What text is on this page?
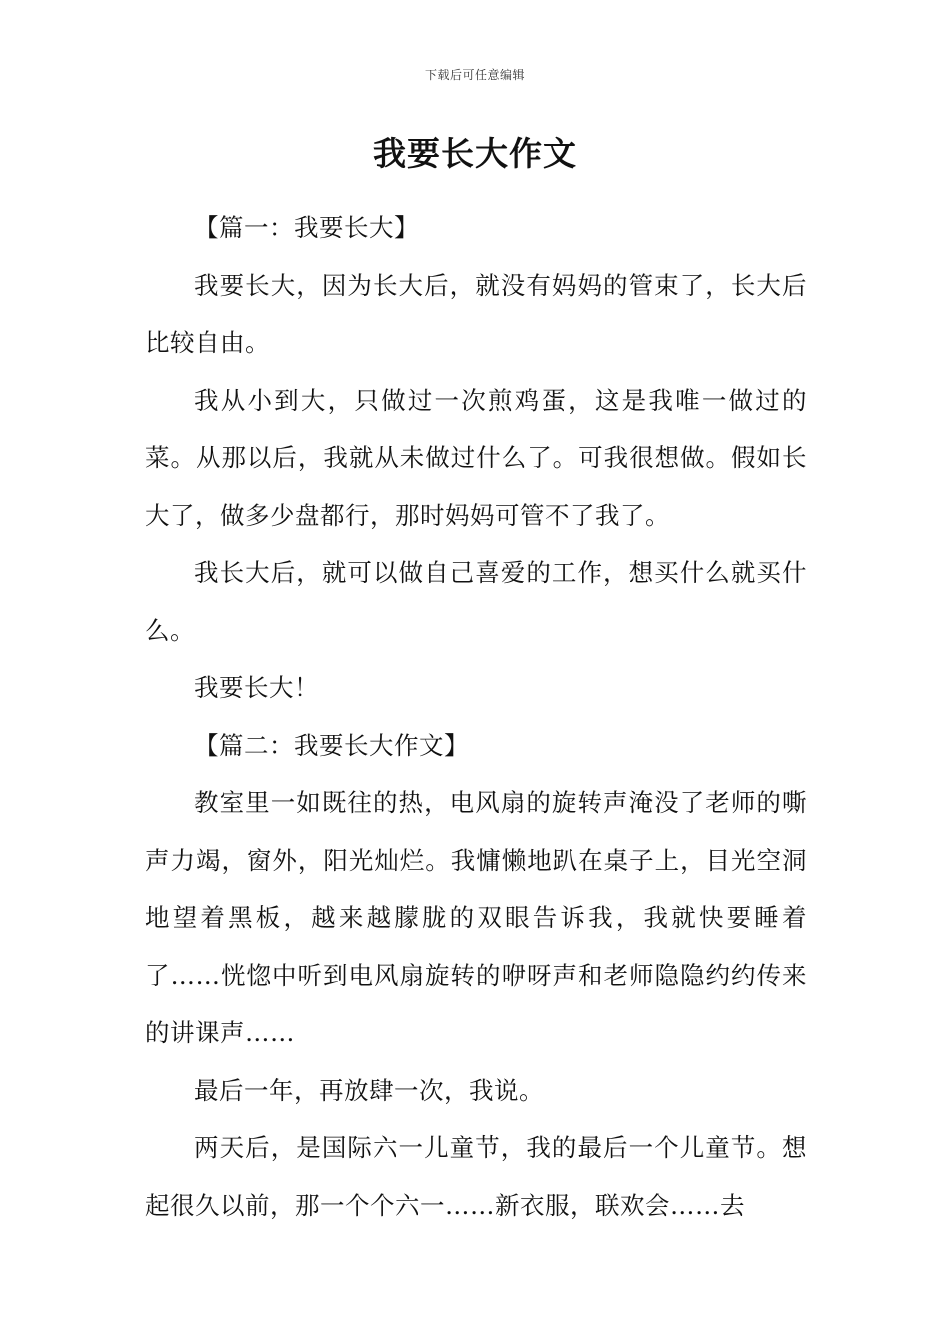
下载后可任意编辑
我要长大作文

【篇一：我要长大】

我要长大，因为长大后，就没有妈妈的管束了，长大后比较自由。

我从小到大，只做过一次煎鸡蛋，这是我唯一做过的菜。从那以后，我就从未做过什么了。可我很想做。假如长大了，做多少盘都行，那时妈妈可管不了我了。

我长大后，就可以做自己喜爱的工作，想买什么就买什么。

我要长大！

【篇二：我要长大作文】

教室里一如既往的热，电风扇的旋转声淹没了老师的嘶声力竭，窗外，阳光灿烂。我慵懒地趴在桌子上，目光空洞地望着黑板，越来越朦胧的双眼告诉我，我就快要睡着了……恍惚中听到电风扇旋转的咿呀声和老师隐隐约约传来的讲课声……

最后一年，再放肆一次，我说。

两天后，是国际六一儿童节，我的最后一个儿童节。想起很久以前，那一个个六一……新衣服，联欢会……去
